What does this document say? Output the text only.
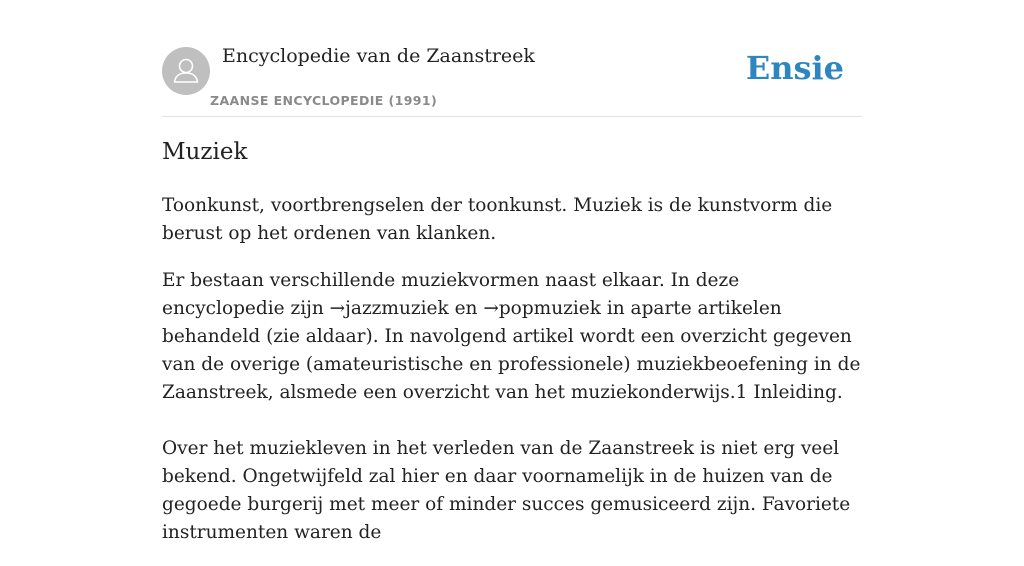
Encyclopedie van de Zaanstreek
ZAANSE ENCYCLOPEDIE (1991)
Ensie
Muziek

Toonkunst, voortbrengselen der toonkunst. Muziek is de kunstvorm die berust op het ordenen van klanken.

Er bestaan verschillende muziekvormen naast elkaar. In deze encyclopedie zijn →jazzmuziek en →popmuziek in aparte artikelen behandeld (zie aldaar). In navolgend artikel wordt een overzicht gegeven van de overige (amateuristische en professionele) muziekbeoefening in de Zaanstreek, alsmede een overzicht van het muziekonderwijs.1 Inleiding.

Over het muziekleven in het verleden van de Zaanstreek is niet erg veel bekend. Ongetwijfeld zal hier en daar voornamelijk in de huizen van de gegoede burgerij met meer of minder succes gemusiceerd zijn. Favoriete instrumenten waren de
